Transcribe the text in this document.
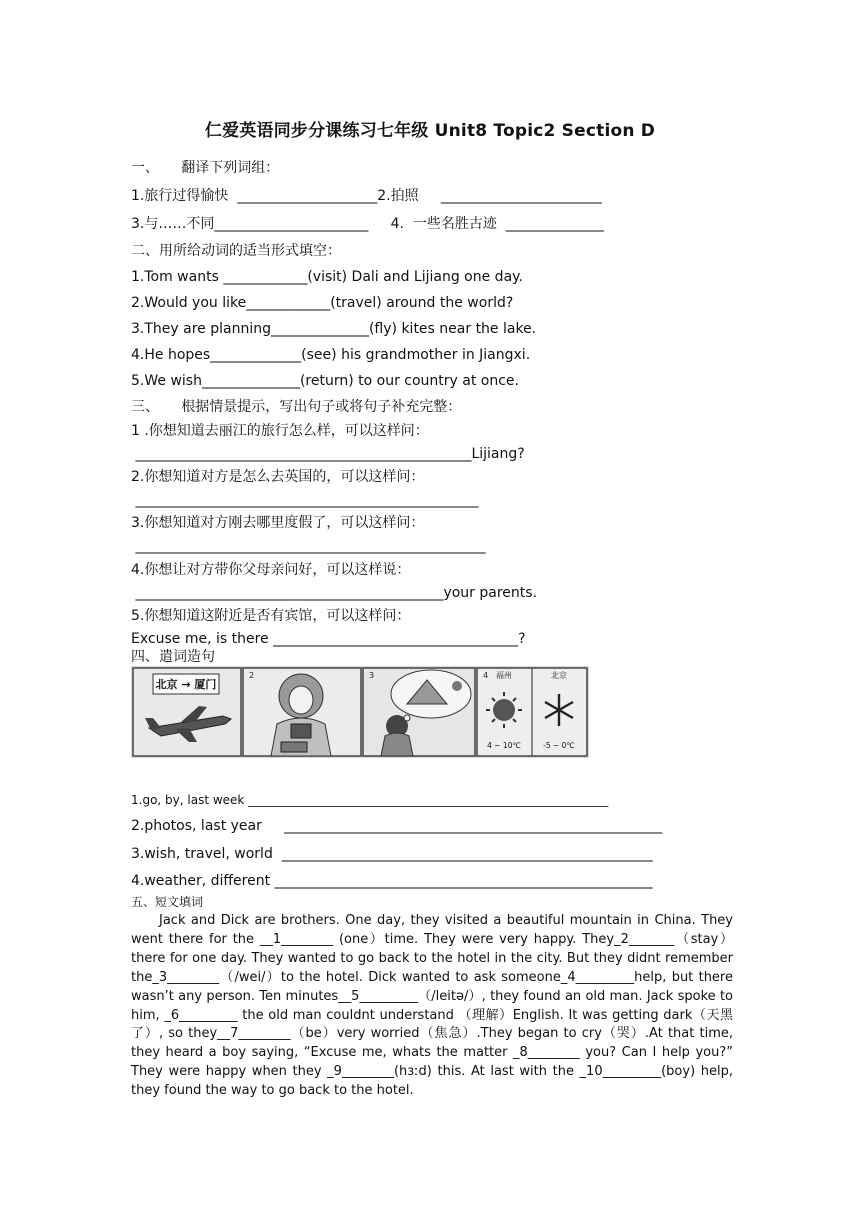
仁爱英语同步分课练习七年级 Unit8 Topic2 Section D
一、     翻译下列词组：
1.旅行过得愉快  ____________________2.拍照     _______________________
3.与……不同______________________     4.  一些名胜古迹  ______________
二、用所给动词的适当形式填空：
1.Tom wants ____________(visit) Dali and Lijiang one day.
2.Would you like____________(travel) around the world?
3.They are planning______________(fly) kites near the lake.
4.He hopes_____________(see) his grandmother in Jiangxi.
5.We wish______________(return) to our country at once.
三、     根据情景提示，写出句子或将句子补充完整：
1 .你想知道去丽江的旅行怎么样，可以这样问：
________________________________________________Lijiang?
2.你想知道对方是怎么去英国的，可以这样问：
_________________________________________________
3.你想知道对方刚去哪里度假了，可以这样问：
__________________________________________________
4.你想让对方带你父母亲问好，可以这样说：
____________________________________________your parents.
5.你想知道这附近是否有宾馆，可以这样问：
Excuse me, is there ___________________________________?
四、遣词造句
北京 → 厦门
2	3	4 福州	北京
4 ~ 10℃	-5 ~ 0℃
1.go, by, last week ____________________________________________________________
2.photos, last year     ______________________________________________________
3.wish, travel, world  _____________________________________________________
4.weather, different ______________________________________________________
五、短文填词

Jack and Dick are brothers. One day, they visited a beautiful mountain in China. They went there for the __1________ (one）time. They were very happy. They_2_______（stay）there for one day. They wanted to go back to the hotel in the city. But they didnt remember the_3________（/wei/）to the hotel. Dick wanted to ask someone_4_________help, but there wasn’t any person. Ten minutes__5_________（/leitə/）, they found an old man. Jack spoke to him, _6_________ the old man couldnt understand （理解）English. It was getting dark（天黑了）, so they__7________（be）very worried（焦急）.They began to cry（哭）.At that time, they heard a boy saying, “Excuse me, whats the matter _8________ you? Can I help you?” They were happy when they _9________(hɜːd) this. At last with the _10_________(boy) help, they found the way to go back to the hotel.
